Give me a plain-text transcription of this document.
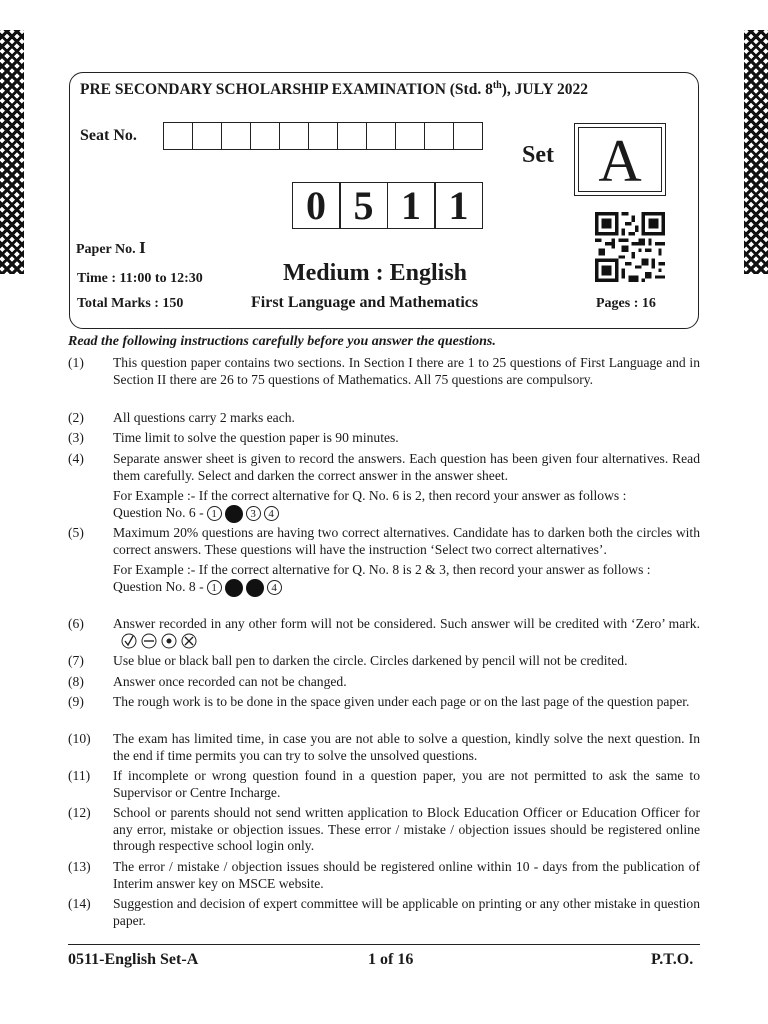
PRE SECONDARY SCHOLARSHIP EXAMINATION (Std. 8th), JULY 2022
Seat No.
Set A
0 5 1 1
Paper No. I
Time : 11:00 to 12:30	Medium : English
Total Marks : 150	First Language and Mathematics	Pages : 16
Read the following instructions carefully before you answer the questions.
(1) This question paper contains two sections. In Section I there are 1 to 25 questions of First Language and in Section II there are 26 to 75 questions of Mathematics. All 75 questions are compulsory.
(2) All questions carry 2 marks each.
(3) Time limit to solve the question paper is 90 minutes.
(4) Separate answer sheet is given to record the answers. Each question has been given four alternatives. Read them carefully. Select and darken the correct answer in the answer sheet.
For Example :- If the correct alternative for Q. No. 6 is 2, then record your answer as follows :
Question No. 6 - 1	3	4
(5) Maximum 20% questions are having two correct alternatives. Candidate has to darken both the circles with correct answers. These questions will have the instruction ‘Select two correct alternatives’.
For Example :- If the correct alternative for Q. No. 8 is 2 & 3, then record your answer as follows :
Question No. 8 - 1	4
(6) Answer recorded in any other form will not be considered. Such answer will be credited with ‘Zero’ mark.
(7) Use blue or black ball pen to darken the circle. Circles darkened by pencil will not be credited.
(8) Answer once recorded can not be changed.
(9) The rough work is to be done in the space given under each page or on the last page of the question paper.
(10) The exam has limited time, in case you are not able to solve a question, kindly solve the next question. In the end if time permits you can try to solve the unsolved questions.
(11) If incomplete or wrong question found in a question paper, you are not permitted to ask the same to Supervisor or Centre Incharge.
(12) School or parents should not send written application to Block Education Officer or Education Officer for any error, mistake or objection issues. These error / mistake / objection issues should be registered online through respective school login only.
(13) The error / mistake / objection issues should be registered online within 10 - days from the publication of Interim answer key on MSCE website.
(14) Suggestion and decision of expert committee will be applicable on printing or any other mistake in question paper.
0511-English Set-A	1 of 16	P.T.O.
